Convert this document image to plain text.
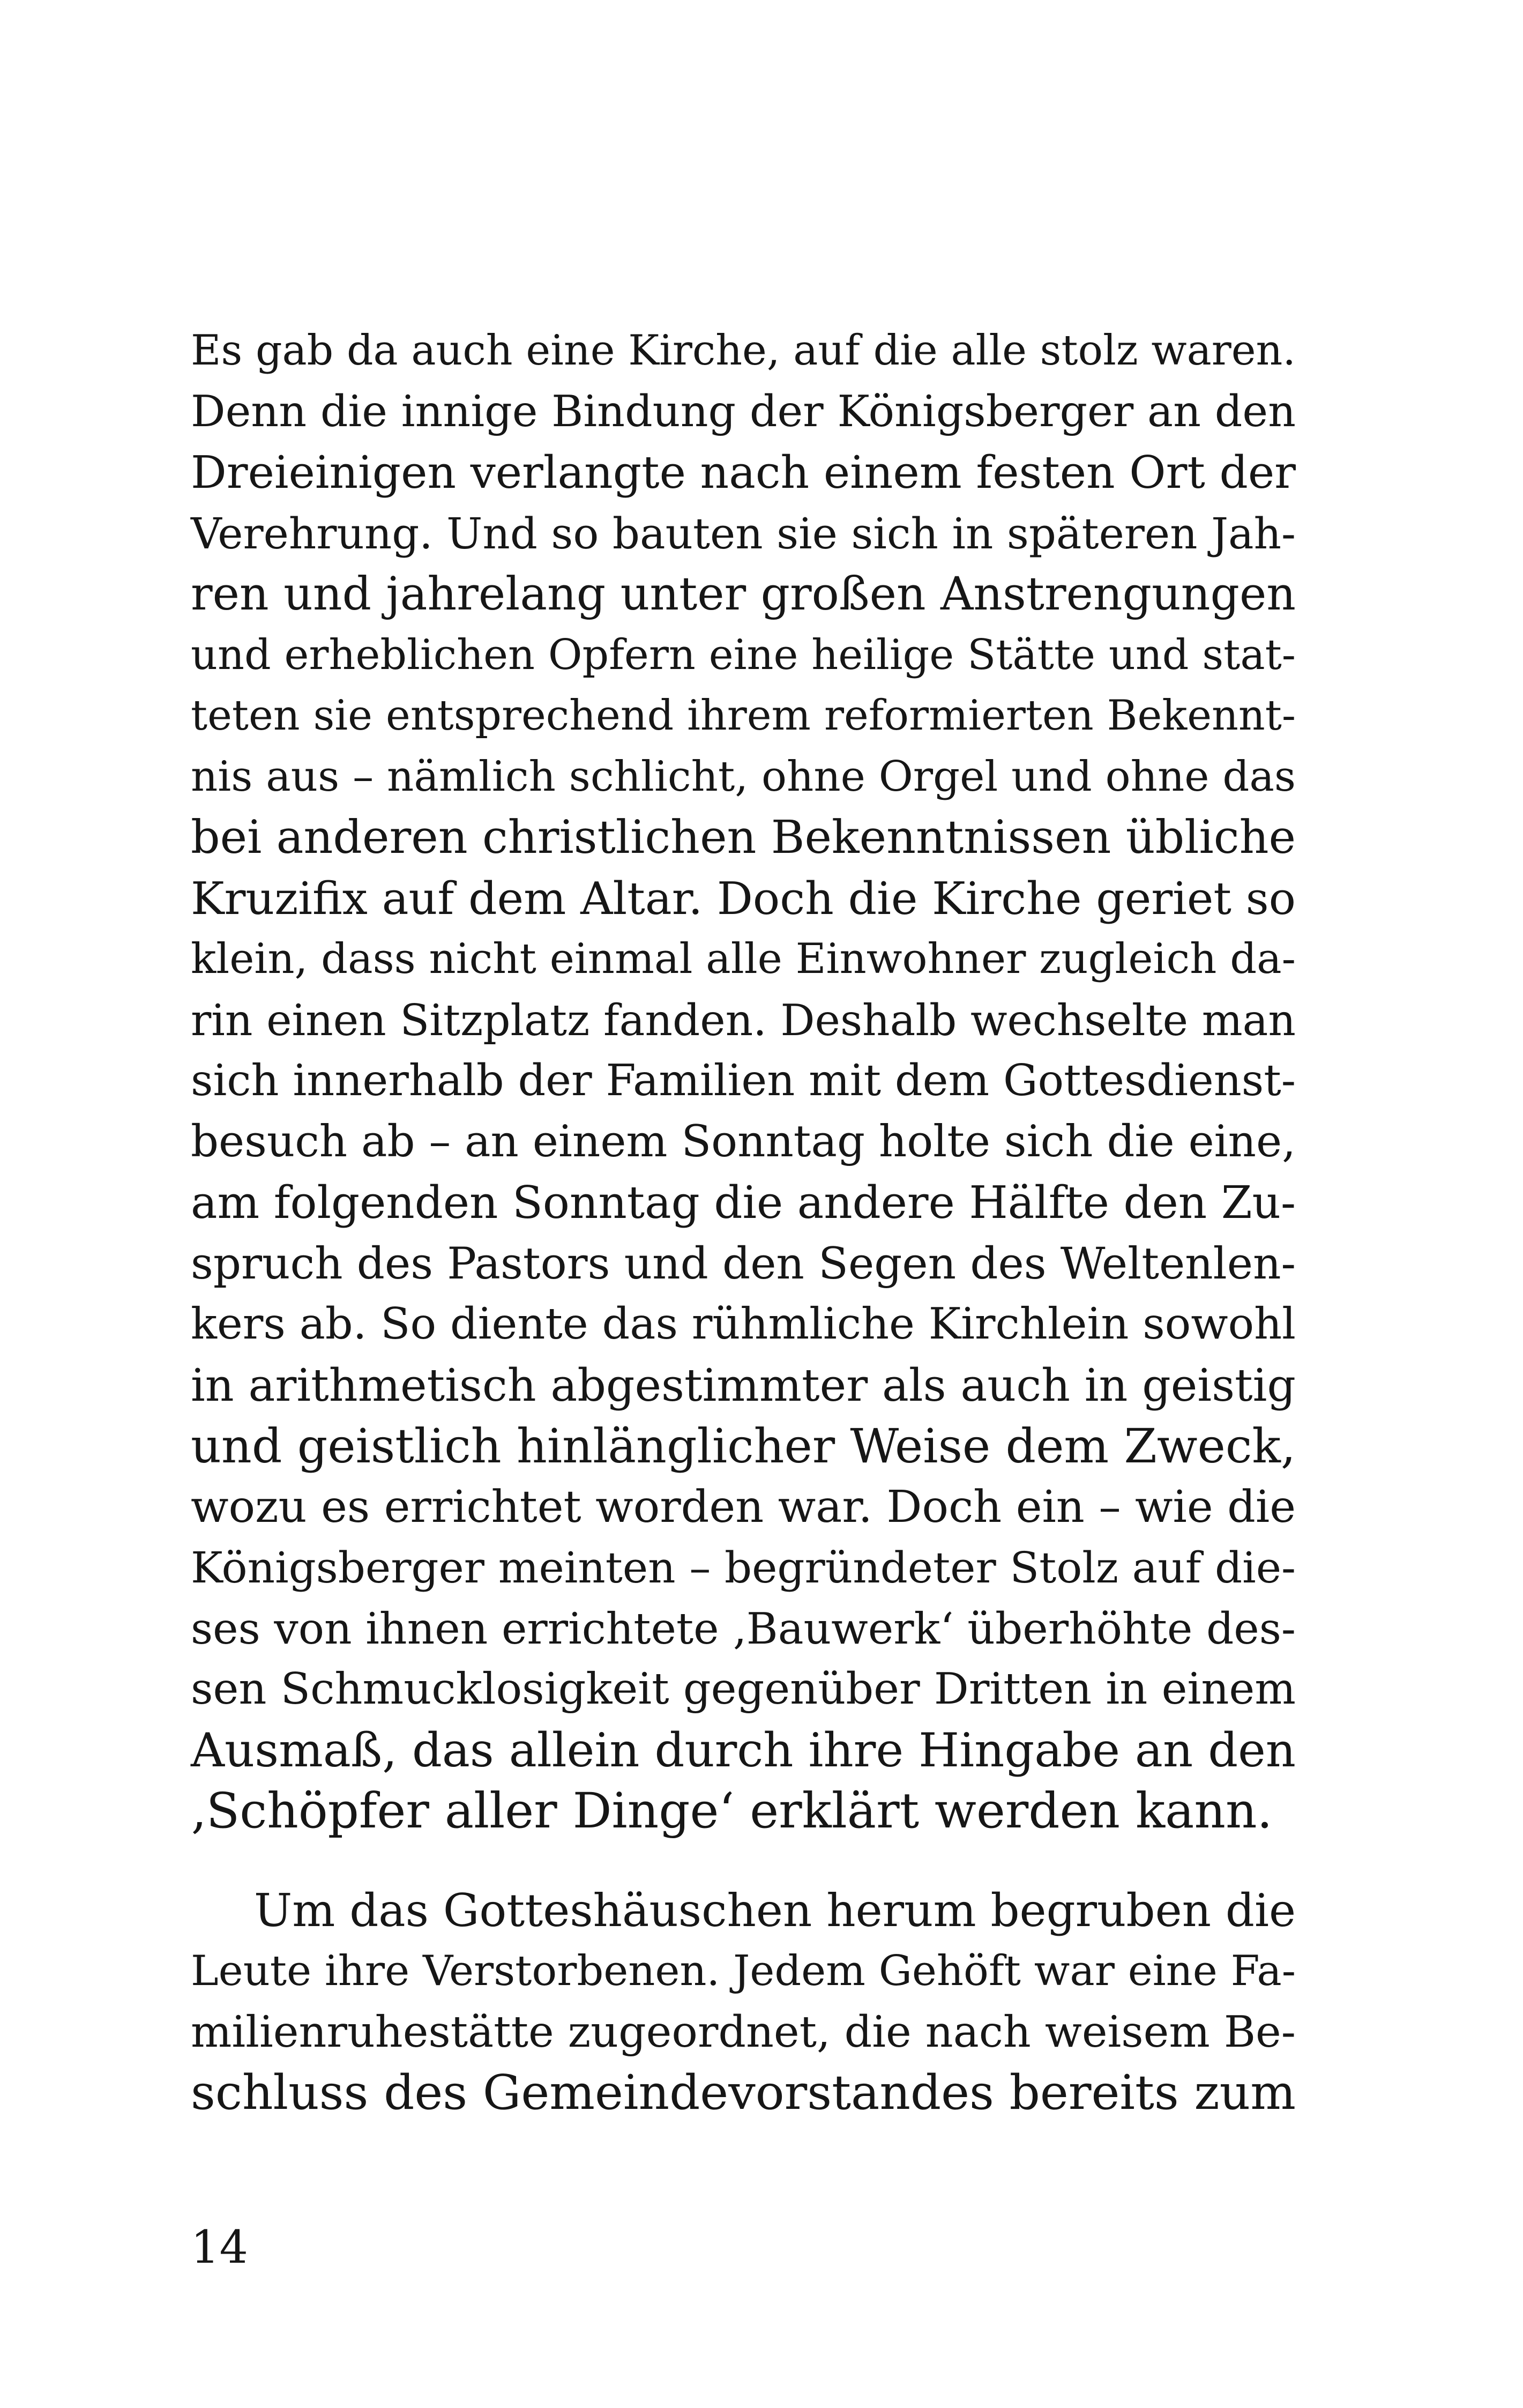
Es gab da auch eine Kirche, auf die alle stolz waren.
Denn die innige Bindung der Königsberger an den
Dreieinigen verlangte nach einem festen Ort der
Verehrung. Und so bauten sie sich in späteren Jah-
ren und jahrelang unter großen Anstrengungen
und erheblichen Opfern eine heilige Stätte und stat-
teten sie entsprechend ihrem reformierten Bekennt-
nis aus – nämlich schlicht, ohne Orgel und ohne das
bei anderen christlichen Bekenntnissen übliche
Kruzifix auf dem Altar. Doch die Kirche geriet so
klein, dass nicht einmal alle Einwohner zugleich da-
rin einen Sitzplatz fanden. Deshalb wechselte man
sich innerhalb der Familien mit dem Gottesdienst-
besuch ab – an einem Sonntag holte sich die eine,
am folgenden Sonntag die andere Hälfte den Zu-
spruch des Pastors und den Segen des Weltenlen-
kers ab. So diente das rühmliche Kirchlein sowohl
in arithmetisch abgestimmter als auch in geistig
und geistlich hinlänglicher Weise dem Zweck,
wozu es errichtet worden war. Doch ein – wie die
Königsberger meinten – begründeter Stolz auf die-
ses von ihnen errichtete ‚Bauwerk‘ überhöhte des-
sen Schmucklosigkeit gegenüber Dritten in einem
Ausmaß, das allein durch ihre Hingabe an den
‚Schöpfer aller Dinge‘ erklärt werden kann.
Um das Gotteshäuschen herum begruben die
Leute ihre Verstorbenen. Jedem Gehöft war eine Fa-
milienruhestätte zugeordnet, die nach weisem Be-
schluss des Gemeindevorstandes bereits zum
14
